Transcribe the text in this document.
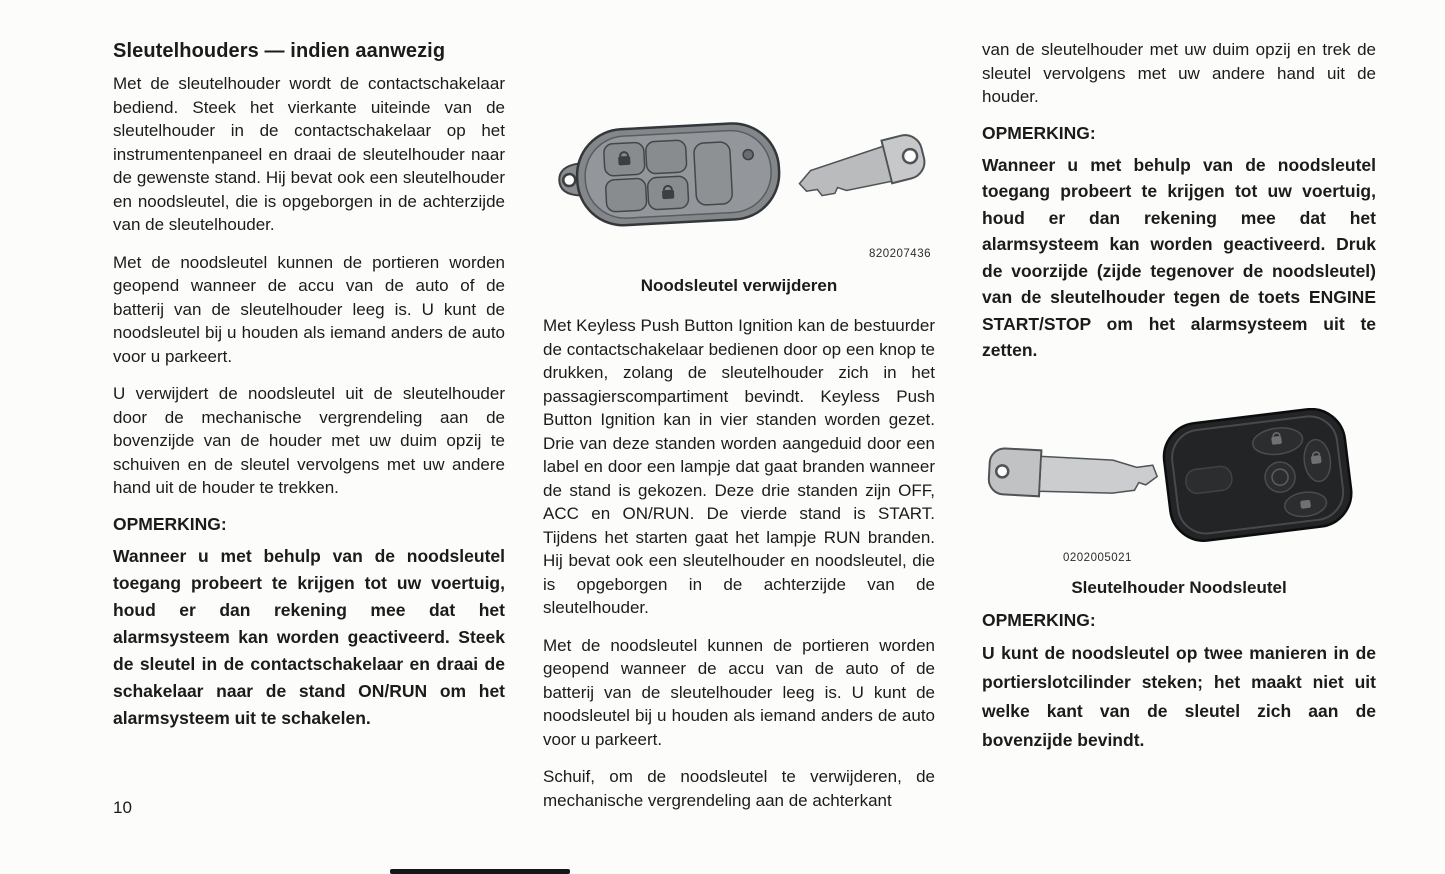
Sleutelhouders — indien aanwezig

Met de sleutelhouder wordt de contactschakelaar bediend. Steek het vierkante uiteinde van de sleutelhouder in de contactschakelaar op het instrumentenpaneel en draai de sleutelhouder naar de gewenste stand. Hij bevat ook een sleutelhouder en noodsleutel, die is opgeborgen in de achterzijde van de sleutelhouder.

Met de noodsleutel kunnen de portieren worden geopend wanneer de accu van de auto of de batterij van de sleutelhouder leeg is. U kunt de noodsleutel bij u houden als iemand anders de auto voor u parkeert.

U verwijdert de noodsleutel uit de sleutelhouder door de mechanische vergrendeling aan de bovenzijde van de houder met uw duim opzij te schuiven en de sleutel vervolgens met uw andere hand uit de houder te trekken.

OPMERKING:

Wanneer u met behulp van de noodsleutel toegang probeert te krijgen tot uw voertuig, houd er dan rekening mee dat het alarmsysteem kan worden geactiveerd. Steek de sleutel in de contactschakelaar en draai de schakelaar naar de stand ON/RUN om het alarmsysteem uit te schakelen.

820207436
Noodsleutel verwijderen

Met Keyless Push Button Ignition kan de bestuurder de contactschakelaar bedienen door op een knop te drukken, zolang de sleutelhouder zich in het passagierscompartiment bevindt. Keyless Push Button Ignition kan in vier standen worden gezet. Drie van deze standen worden aangeduid door een label en door een lampje dat gaat branden wanneer de stand is gekozen. Deze drie standen zijn OFF, ACC en ON/RUN. De vierde stand is START. Tijdens het starten gaat het lampje RUN branden. Hij bevat ook een sleutelhouder en noodsleutel, die is opgeborgen in de achterzijde van de sleutelhouder.

Met de noodsleutel kunnen de portieren worden geopend wanneer de accu van de auto of de batterij van de sleutelhouder leeg is. U kunt de noodsleutel bij u houden als iemand anders de auto voor u parkeert.

Schuif, om de noodsleutel te verwijderen, de mechanische vergrendeling aan de achterkant

van de sleutelhouder met uw duim opzij en trek de sleutel vervolgens met uw andere hand uit de houder.

OPMERKING:

Wanneer u met behulp van de noodsleutel toegang probeert te krijgen tot uw voertuig, houd er dan rekening mee dat het alarmsysteem kan worden geactiveerd. Druk de voorzijde (zijde tegenover de noodsleutel) van de sleutelhouder tegen de toets ENGINE START/STOP om het alarmsysteem uit te zetten.

0202005021
Sleutelhouder Noodsleutel
OPMERKING:

U kunt de noodsleutel op twee manieren in de portierslotcilinder steken; het maakt niet uit welke kant van de sleutel zich aan de bovenzijde bevindt.

10
